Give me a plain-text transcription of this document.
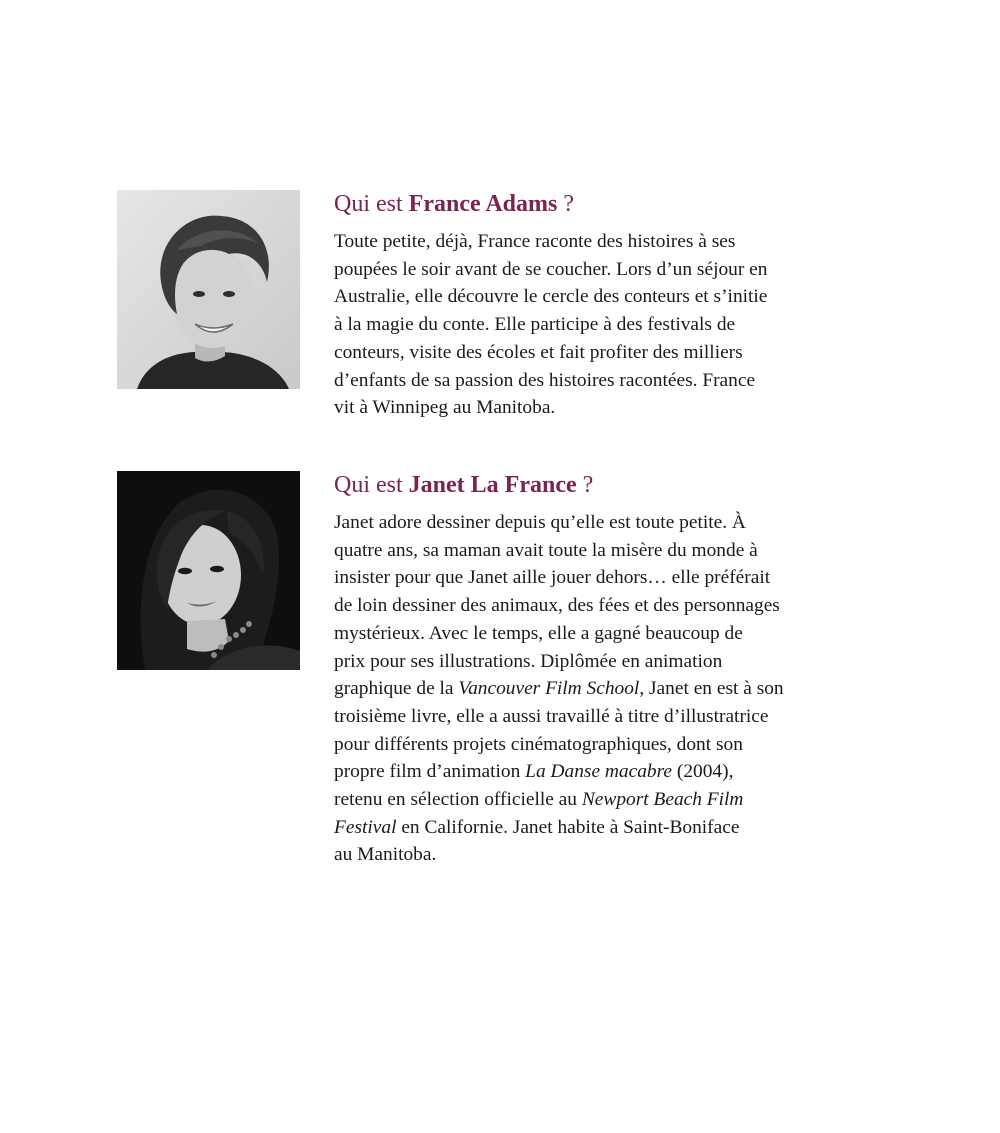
Qui est France Adams ?

Toute petite, déjà, France raconte des histoires à ses
poupées le soir avant de se coucher. Lors d’un séjour en
Australie, elle découvre le cercle des conteurs et s’initie
à la magie du conte. Elle participe à des festivals de
conteurs, visite des écoles et fait profiter des milliers
d’enfants de sa passion des histoires racontées. France
vit à Winnipeg au Manitoba.

Qui est Janet La France ?

Janet adore dessiner depuis qu’elle est toute petite. À
quatre ans, sa maman avait toute la misère du monde à
insister pour que Janet aille jouer dehors… elle préférait
de loin dessiner des animaux, des fées et des personnages
mystérieux. Avec le temps, elle a gagné beaucoup de
prix pour ses illustrations. Diplômée en animation
graphique de la Vancouver Film School, Janet en est à son
troisième livre, elle a aussi travaillé à titre d’illustratrice
pour différents projets cinématographiques, dont son
propre film d’animation La Danse macabre (2004),
retenu en sélection officielle au Newport Beach Film
Festival en Californie. Janet habite à Saint-Boniface
au Manitoba.
